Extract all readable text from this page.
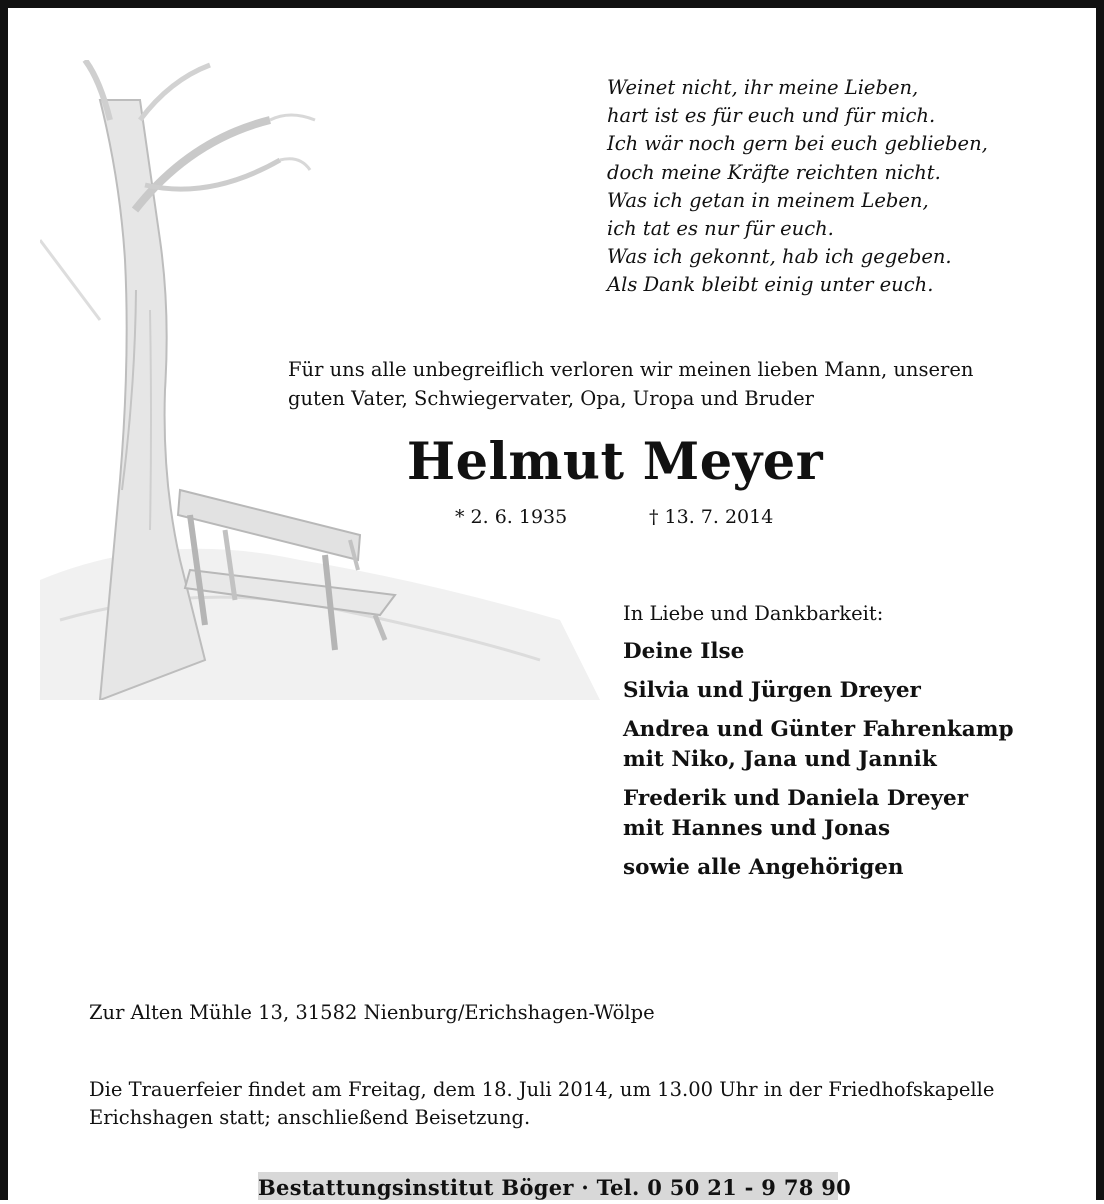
Weinet nicht, ihr meine Lieben,
hart ist es für euch und für mich.
Ich wär noch gern bei euch geblieben,
doch meine Kräfte reichten nicht.
Was ich getan in meinem Leben,
ich tat es nur für euch.
Was ich gekonnt, hab ich gegeben.
Als Dank bleibt einig unter euch.
Für uns alle unbegreiflich verloren wir meinen lieben Mann, unseren
guten Vater, Schwiegervater, Opa, Uropa und Bruder
Helmut Meyer
* 2. 6. 1935	† 13. 7. 2014
In Liebe und Dankbarkeit:
Deine Ilse
Silvia und Jürgen Dreyer
Andrea und Günter Fahrenkamp
mit Niko, Jana und Jannik
Frederik und Daniela Dreyer
mit Hannes und Jonas
sowie alle Angehörigen
Zur Alten Mühle 13, 31582 Nienburg/Erichshagen-Wölpe
Die Trauerfeier findet am Freitag, dem 18. Juli 2014, um 13.00 Uhr in der Friedhofskapelle
Erichshagen statt; anschließend Beisetzung.
Bestattungsinstitut Böger · Tel. 0 50 21 - 9 78 90
